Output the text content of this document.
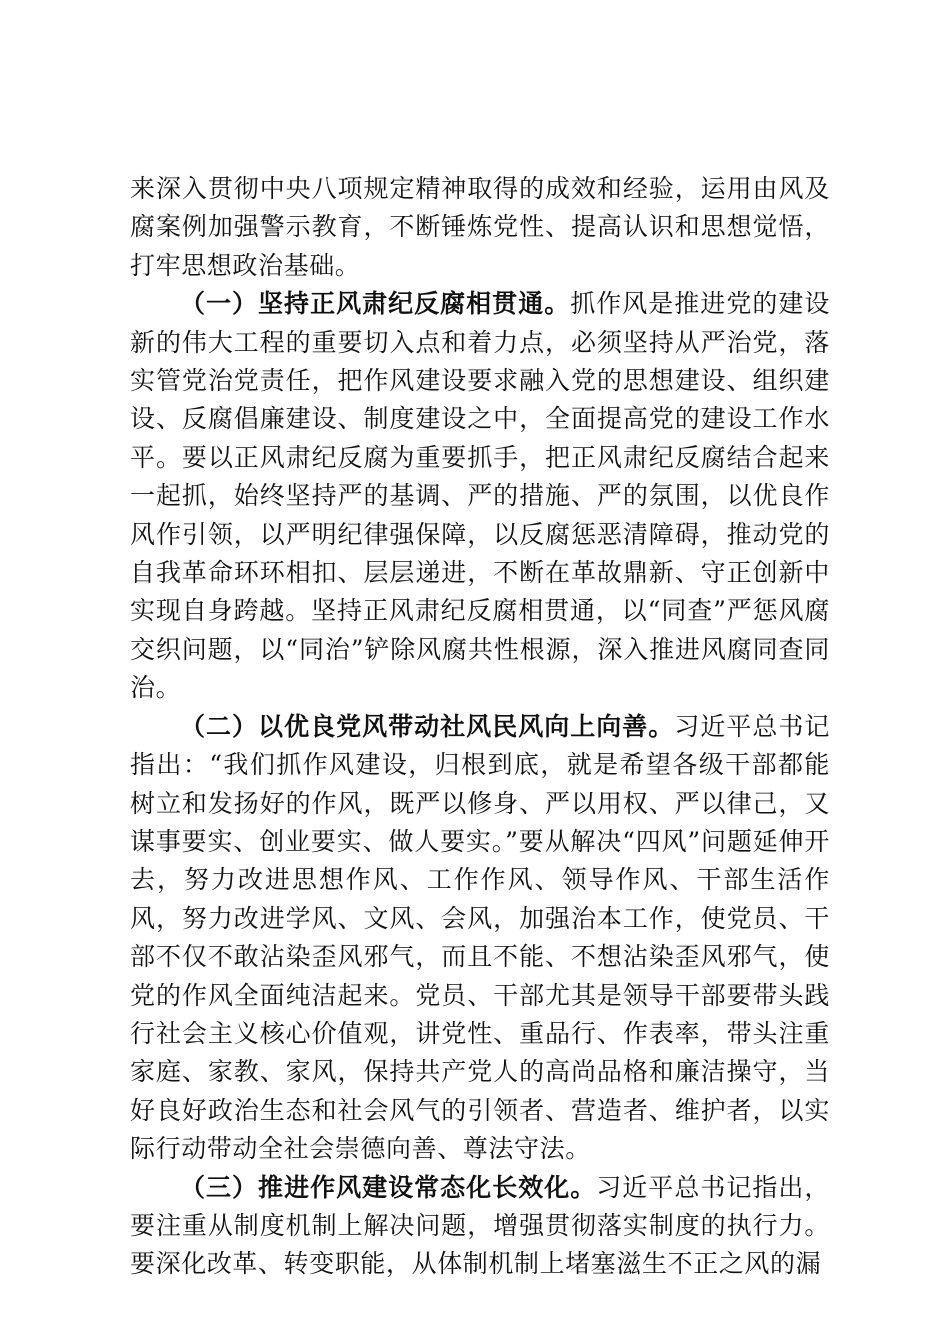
来深入贯彻中央八项规定精神取得的成效和经验，运用由风及腐案例加强警示教育，不断锤炼党性、提高认识和思想觉悟，打牢思想政治基础。

（一）坚持正风肃纪反腐相贯通。抓作风是推进党的建设新的伟大工程的重要切入点和着力点，必须坚持从严治党，落实管党治党责任，把作风建设要求融入党的思想建设、组织建设、反腐倡廉建设、制度建设之中，全面提高党的建设工作水平。要以正风肃纪反腐为重要抓手，把正风肃纪反腐结合起来一起抓，始终坚持严的基调、严的措施、严的氛围，以优良作风作引领，以严明纪律强保障，以反腐惩恶清障碍，推动党的自我革命环环相扣、层层递进，不断在革故鼎新、守正创新中实现自身跨越。坚持正风肃纪反腐相贯通，以“同查”严惩风腐交织问题，以“同治”铲除风腐共性根源，深入推进风腐同查同治。

（二）以优良党风带动社风民风向上向善。习近平总书记指出：“我们抓作风建设，归根到底，就是希望各级干部都能树立和发扬好的作风，既严以修身、严以用权、严以律己，又谋事要实、创业要实、做人要实。”要从解决“四风”问题延伸开去，努力改进思想作风、工作作风、领导作风、干部生活作风，努力改进学风、文风、会风，加强治本工作，使党员、干部不仅不敢沾染歪风邪气，而且不能、不想沾染歪风邪气，使党的作风全面纯洁起来。党员、干部尤其是领导干部要带头践行社会主义核心价值观，讲党性、重品行、作表率，带头注重家庭、家教、家风，保持共产党人的高尚品格和廉洁操守，当好良好政治生态和社会风气的引领者、营造者、维护者，以实际行动带动全社会崇德向善、尊法守法。

（三）推进作风建设常态化长效化。习近平总书记指出，要注重从制度机制上解决问题，增强贯彻落实制度的执行力。要深化改革、转变职能，从体制机制上堵塞滋生不正之风的漏
